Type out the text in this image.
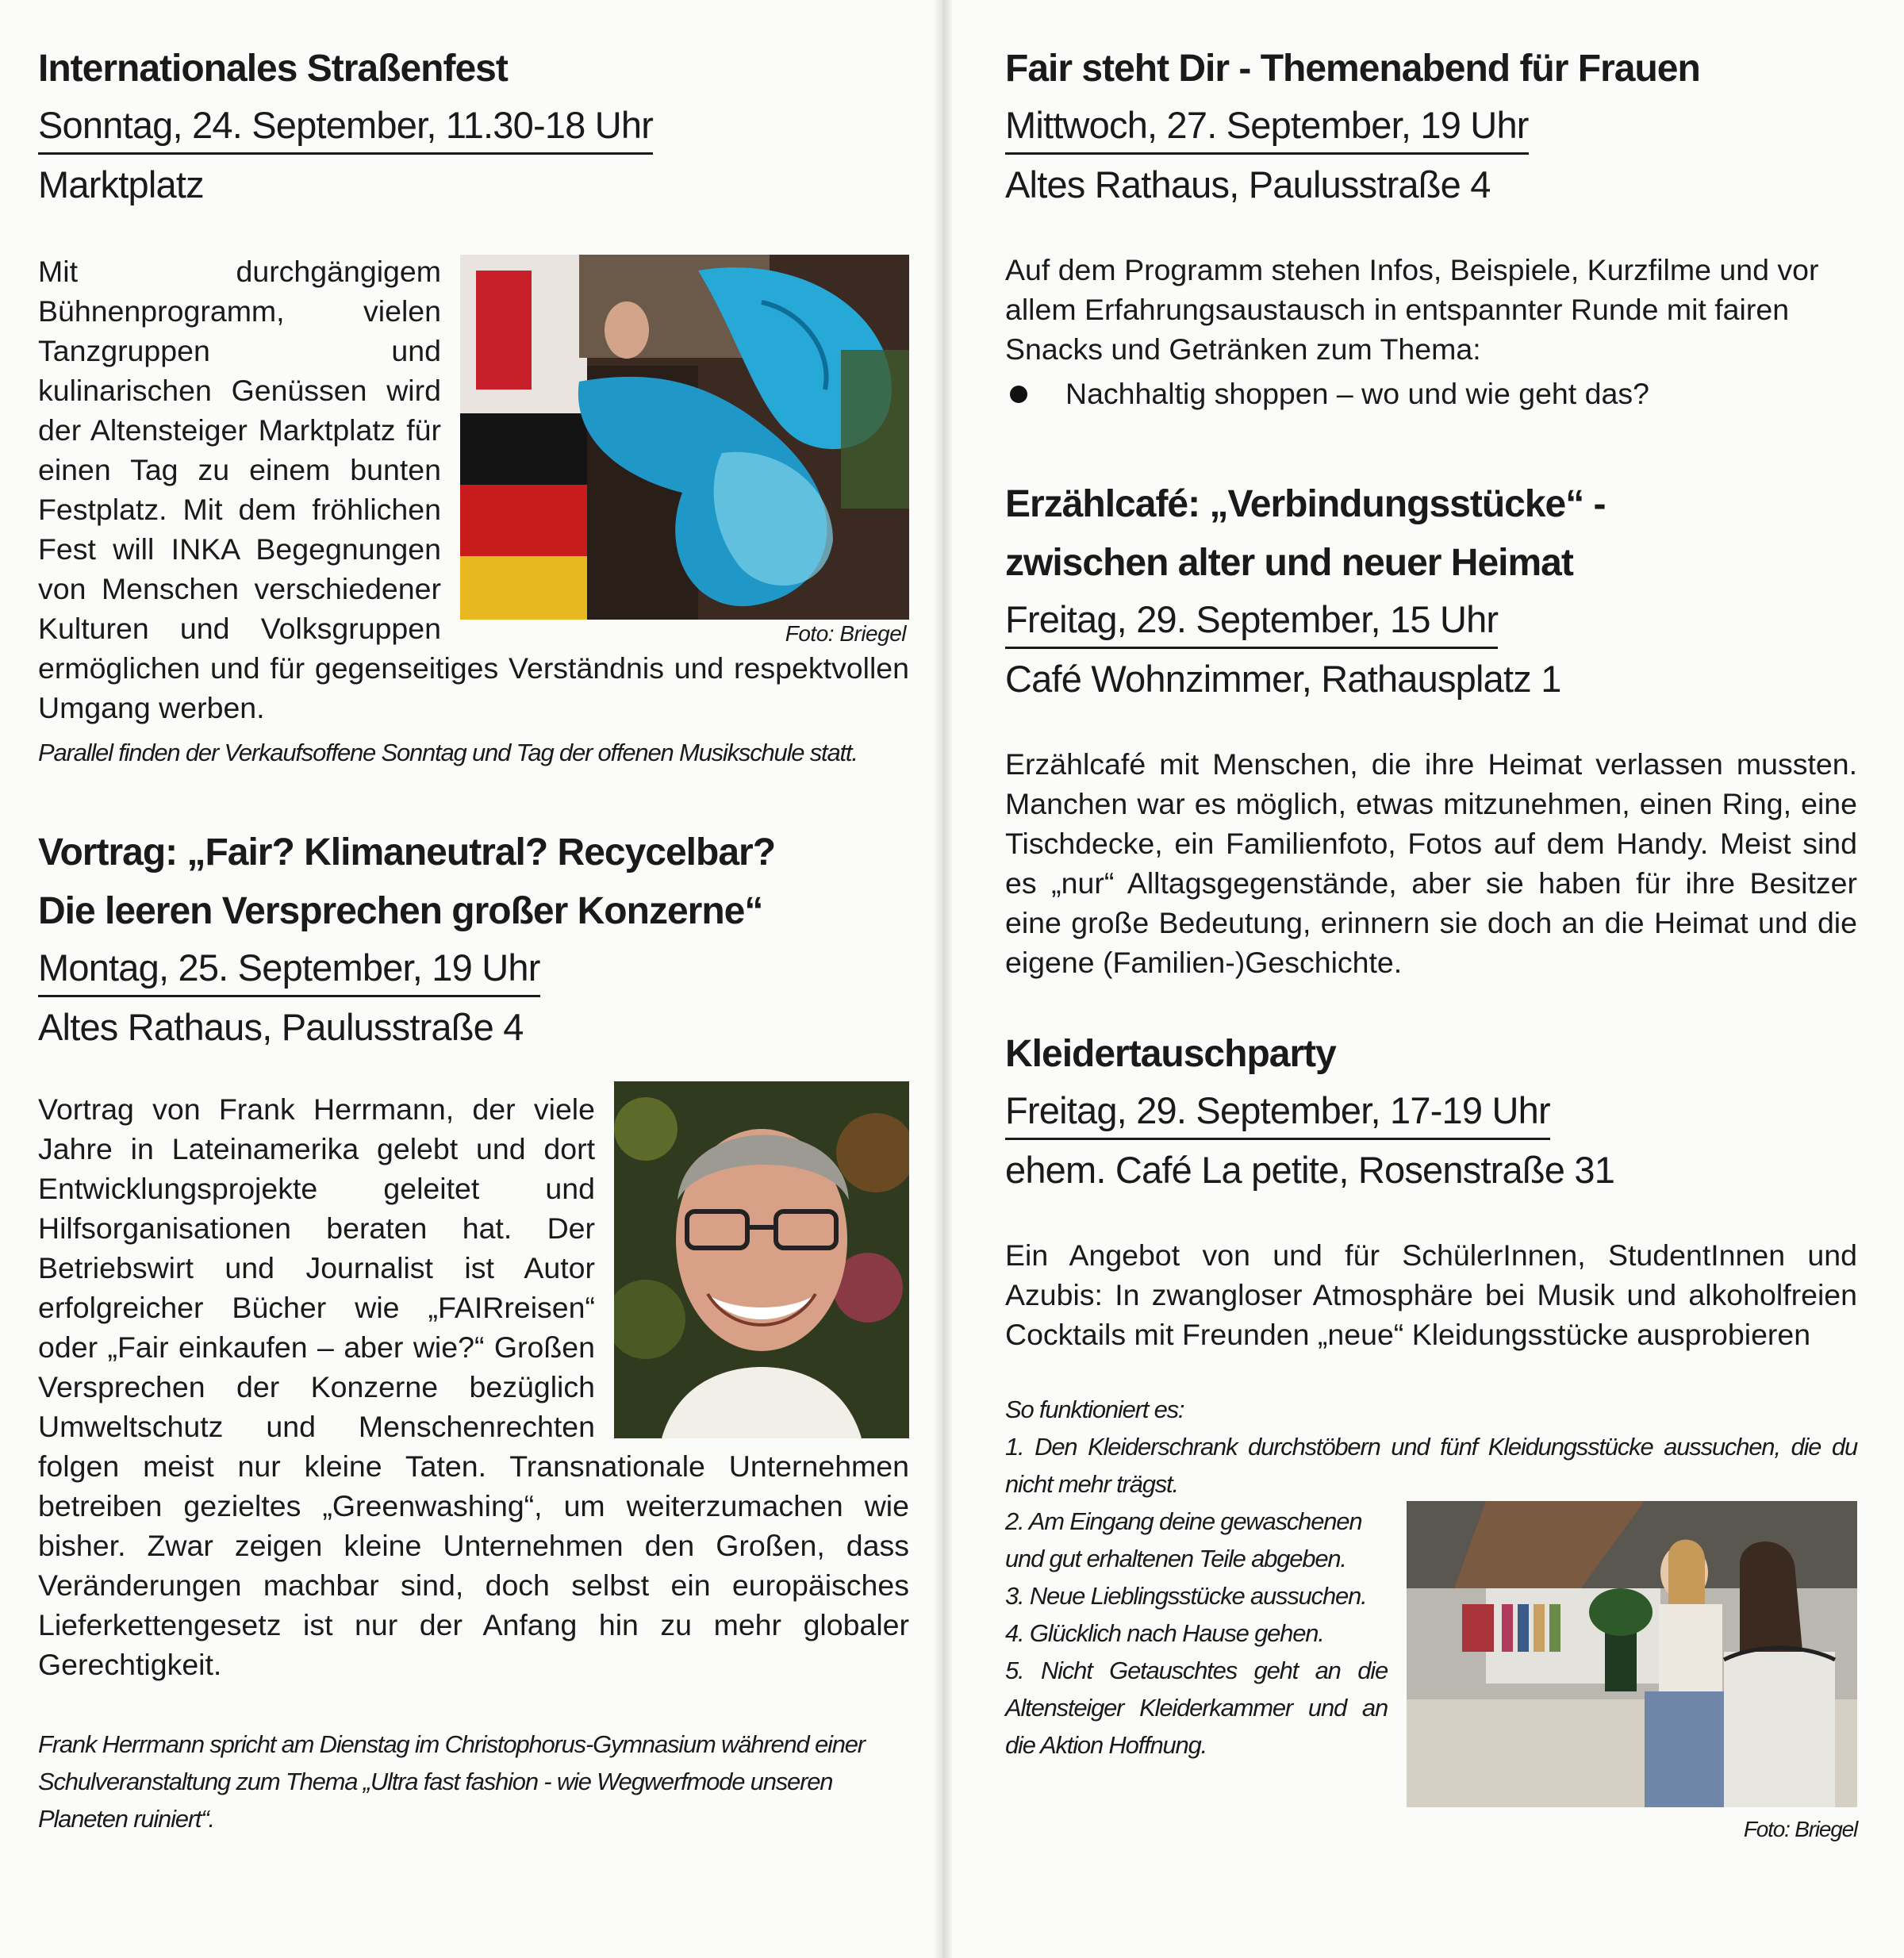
Internationales Straßenfest
Sonntag, 24. September, 11.30-18 Uhr
Marktplatz
Foto: Briegel

Mit durchgängigem Bühnenprogramm, vielen Tanzgruppen und kulinarischen Genüssen wird der Altensteiger Marktplatz für einen Tag zu einem bunten Festplatz. Mit dem fröhlichen Fest will INKA Begegnungen von Menschen verschiedener Kulturen und Volksgruppen ermöglichen und für gegenseitiges Verständnis und respektvollen Umgang werben.

Parallel finden der Verkaufsoffene Sonntag und Tag der offenen Musikschule statt.

Vortrag: „Fair? Klimaneutral? Recycelbar?
Die leeren Versprechen großer Konzerne“
Montag, 25. September, 19 Uhr
Altes Rathaus, Paulusstraße 4

Vortrag von Frank Herrmann, der viele Jahre in Lateinamerika gelebt und dort Entwicklungsprojekte geleitet und Hilfsorganisationen beraten hat. Der Betriebswirt und Journalist ist Autor erfolgreicher Bücher wie „FAIRreisen“ oder „Fair einkaufen – aber wie?“ Großen Versprechen der Konzerne bezüglich Umweltschutz und Menschenrechten folgen meist nur kleine Taten. Transnationale Unternehmen betreiben gezieltes „Greenwashing“, um weiterzumachen wie bisher. Zwar zeigen kleine Unternehmen den Großen, dass Veränderungen machbar sind, doch selbst ein europäisches Lieferkettengesetz ist nur der Anfang hin zu mehr globaler Gerechtigkeit.

Frank Herrmann spricht am Dienstag im Christophorus-Gymnasium während einer Schulveranstaltung zum Thema „Ultra fast fashion - wie Wegwerfmode unseren Planeten ruiniert“.

Fair steht Dir - Themenabend für Frauen
Mittwoch, 27. September, 19 Uhr
Altes Rathaus, Paulusstraße 4

Auf dem Programm stehen Infos, Beispiele, Kurzfilme und vor allem Erfahrungsaustausch in entspannter Runde mit fairen Snacks und Getränken zum Thema:

Nachhaltig shoppen – wo und wie geht das?
Erzählcafé: „Verbindungsstücke“ -
zwischen alter und neuer Heimat
Freitag, 29. September, 15 Uhr
Café Wohnzimmer, Rathausplatz 1

Erzählcafé mit Menschen, die ihre Heimat verlassen mussten. Manchen war es möglich, etwas mitzunehmen, einen Ring, eine Tischdecke, ein Familienfoto, Fotos auf dem Handy. Meist sind es „nur“ Alltagsgegenstände, aber sie haben für ihre Besitzer eine große Bedeutung, erinnern sie doch an die Heimat und die eigene (Familien-)Geschichte.

Kleidertauschparty
Freitag, 29. September, 17-19 Uhr
ehem. Café La petite, Rosenstraße 31

Ein Angebot von und für SchülerInnen, StudentInnen und Azubis: In zwangloser Atmosphäre bei Musik und alkoholfreien Cocktails mit Freunden „neue“ Kleidungsstücke ausprobieren

So funktioniert es:

1. Den Kleiderschrank durchstöbern und fünf Kleidungsstücke aussuchen, die du nicht mehr trägst.

2. Am Eingang deine gewaschenen und gut erhaltenen Teile abgeben.

3. Neue Lieblingsstücke aussuchen.

4. Glücklich nach Hause gehen.

5. Nicht Getauschtes geht an die Altensteiger Kleiderkammer und an die Aktion Hoffnung.

Foto: Briegel
